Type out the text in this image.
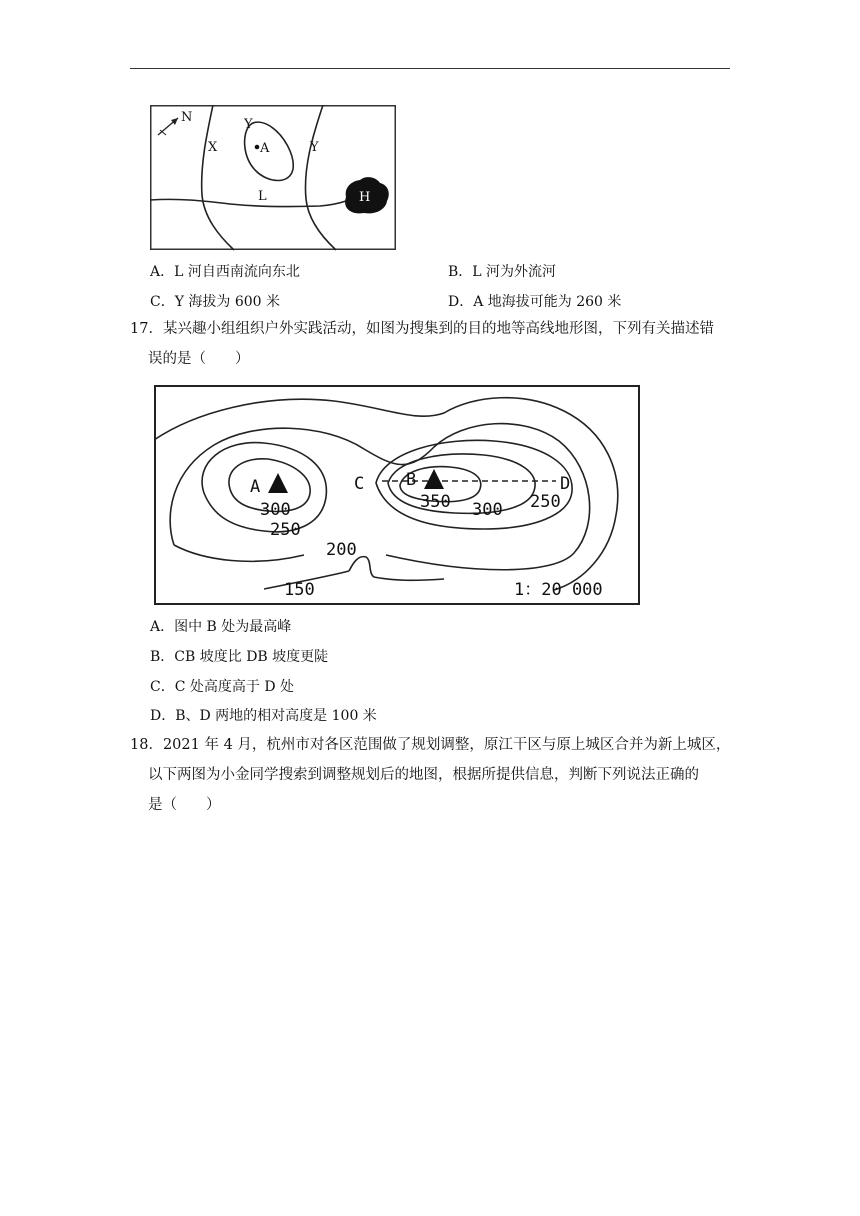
N
X
Y
A	Y
L	H
A．L 河自西南流向东北	B．L 河为外流河
C．Y 海拔为 600 米	D．A 地海拔可能为 260 米
17．某兴趣小组组织户外实践活动，如图为搜集到的目的地等高线地形图，下列有关描述错
误的是（　　）
A	B
C	D
300
250
200
150
350 300 250
1：20 000
A．图中 B 处为最高峰
B．CB 坡度比 DB 坡度更陡
C．C 处高度高于 D 处
D．B、D 两地的相对高度是 100 米
18．2021 年 4 月，杭州市对各区范围做了规划调整，原江干区与原上城区合并为新上城区，
以下两图为小金同学搜索到调整规划后的地图，根据所提供信息，判断下列说法正确的
是（　　）
